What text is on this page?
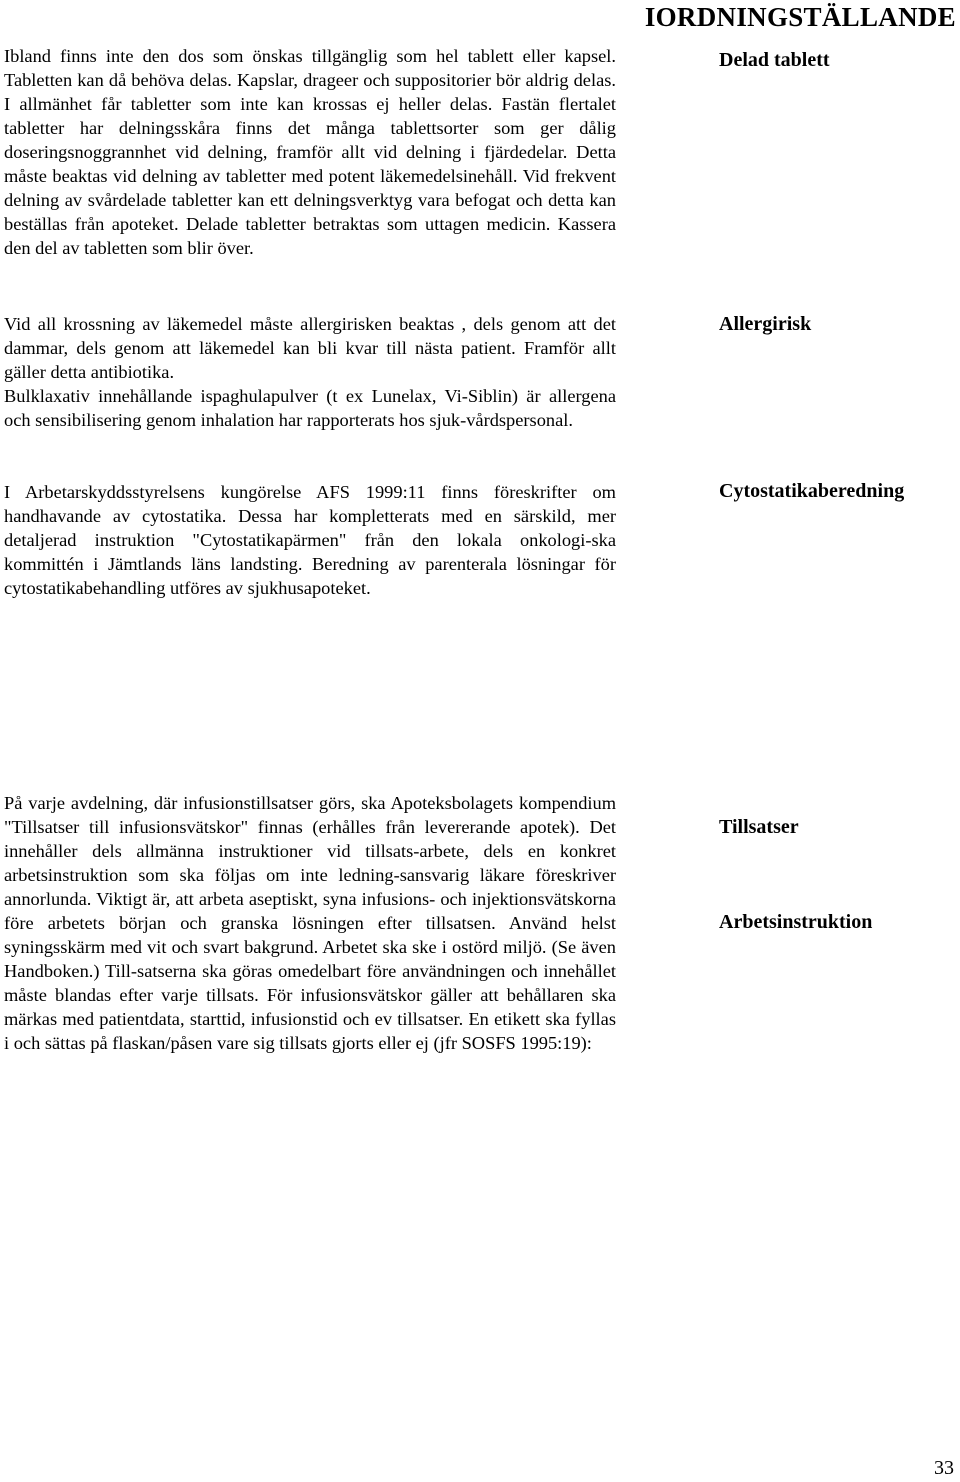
IORDNINGSTÄLLANDE

Ibland finns inte den dos som önskas tillgänglig som hel tablett eller kapsel. Tabletten kan då behöva delas. Kapslar, drageer och suppositorier bör aldrig delas. I allmänhet får tabletter som inte kan krossas ej heller delas. Fastän flertalet tabletter har delningsskåra finns det många tablettsorter som ger dålig doseringsnoggrannhet vid delning, framför allt vid delning i fjärdedelar. Detta måste beaktas vid delning av tabletter med potent läkemedelsinehåll. Vid frekvent delning av svårdelade tabletter kan ett delningsverktyg vara befogat och detta kan beställas från apoteket. Delade tabletter betraktas som uttagen medicin. Kassera den del av tabletten som blir över.

Delad tablett

Vid all krossning av läkemedel måste allergirisken beaktas , dels genom att det dammar, dels genom att läkemedel kan bli kvar till nästa patient. Framför allt gäller detta antibiotika.

Bulklaxativ innehållande ispaghulapulver (t ex Lunelax, Vi-Siblin) är allergena och sensibilisering genom inhalation har rapporterats hos sjuk-vårdspersonal.

Allergirisk

I Arbetarskyddsstyrelsens kungörelse AFS 1999:11 finns föreskrifter om handhavande av cytostatika. Dessa har kompletterats med en särskild, mer detaljerad instruktion "Cytostatikapärmen" från den lokala onkologi-ska kommittén i Jämtlands läns landsting. Beredning av parenterala lösningar för cytostatikabehandling utföres av sjukhusapoteket.

Cytostatikaberedning

På varje avdelning, där infusionstillsatser görs, ska Apoteksbolagets kompendium "Tillsatser till infusionsvätskor" finnas (erhålles från levererande apotek). Det innehåller dels allmänna instruktioner vid tillsats-arbete, dels en konkret arbetsinstruktion som ska följas om inte ledning-sansvarig läkare föreskriver annorlunda. Viktigt är, att arbeta aseptiskt, syna infusions- och injektionsvätskorna före arbetets början och granska lösningen efter tillsatsen. Använd helst syningsskärm med vit och svart bakgrund. Arbetet ska ske i ostörd miljö. (Se även Handboken.) Till-satserna ska göras omedelbart före användningen och innehållet måste blandas efter varje tillsats. För infusionsvätskor gäller att behållaren ska märkas med patientdata, starttid, infusionstid och ev tillsatser. En etikett ska fyllas i och sättas på flaskan/påsen vare sig tillsats gjorts eller ej (jfr SOSFS 1995:19):

Tillsatser
Arbetsinstruktion
33
